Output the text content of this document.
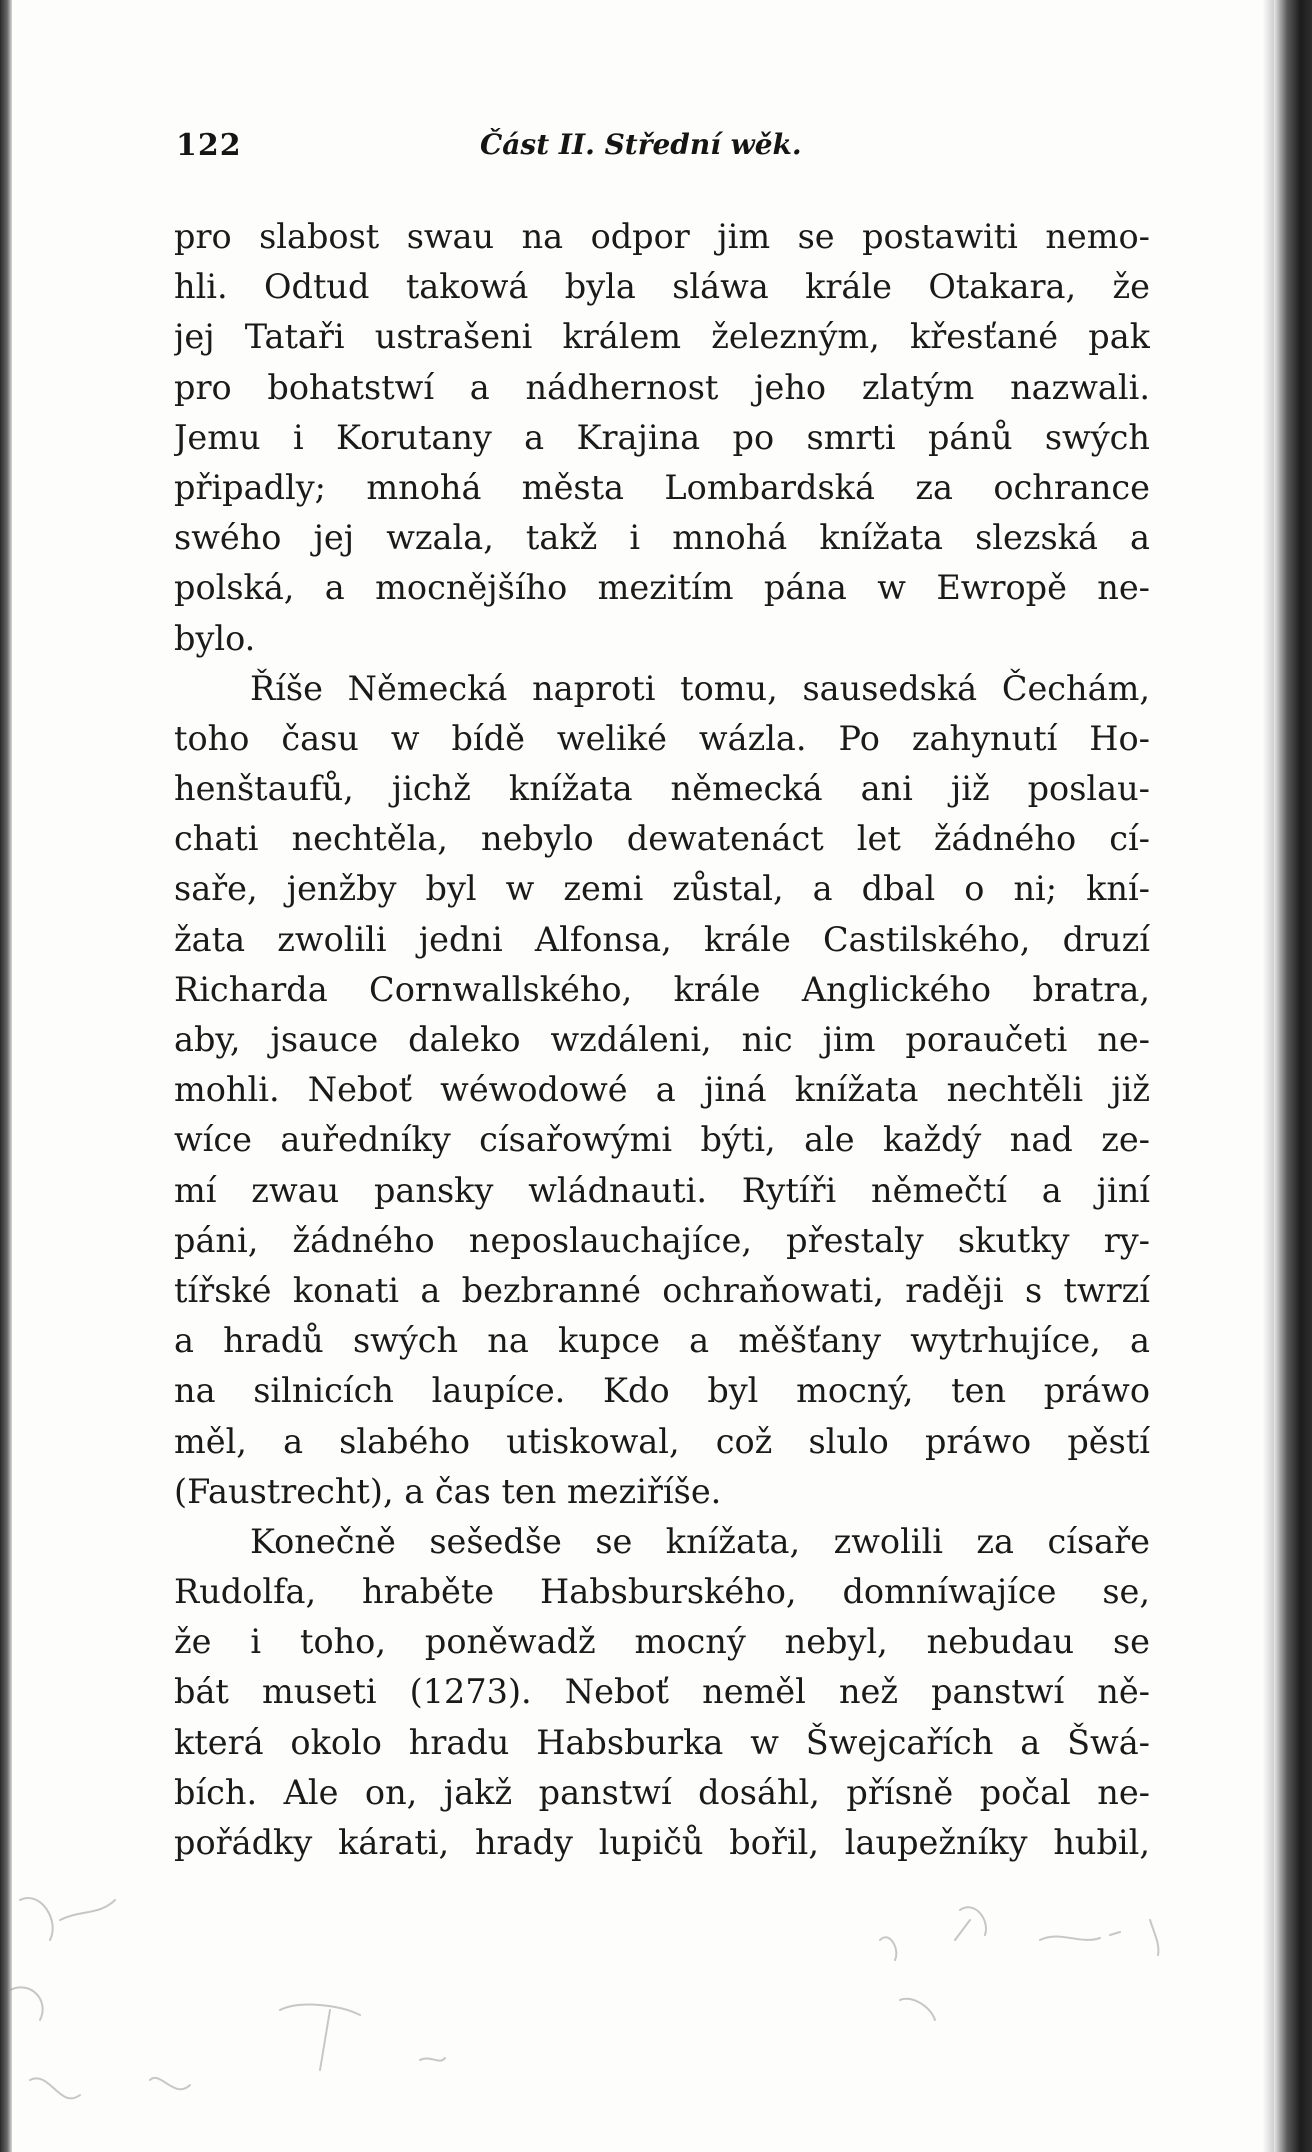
122	Část II. Střední wěk.
pro slabost swau na odpor jim se postawiti nemo-
hli. Odtud takowá byla sláwa krále Otakara, že
jej Tataři ustrašeni králem železným, křesťané pak
pro bohatstwí a nádhernost jeho zlatým nazwali.
Jemu i Korutany a Krajina po smrti pánů swých
připadly; mnohá města Lombardská za ochrance
swého jej wzala, takž i mnohá knížata slezská a
polská, a mocnějšího mezitím pána w Ewropě ne-
bylo.
Říše Německá naproti tomu, sausedská Čechám,
toho času w bídě weliké wázla. Po zahynutí Ho-
henštaufů, jichž knížata německá ani již poslau-
chati nechtěla, nebylo dewatenáct let žádného cí-
saře, jenžby byl w zemi zůstal, a dbal o ni; kní-
žata zwolili jedni Alfonsa, krále Castilského, druzí
Richarda Cornwallského, krále Anglického bratra,
aby, jsauce daleko wzdáleni, nic jim poraučeti ne-
mohli. Neboť wéwodowé a jiná knížata nechtěli již
wíce auředníky císařowými býti, ale každý nad ze-
mí zwau pansky wládnauti. Rytíři němečtí a jiní
páni, žádného neposlauchajíce, přestaly skutky ry-
tířské konati a bezbranné ochraňowati, raději s twrzí
a hradů swých na kupce a měšťany wytrhujíce, a
na silnicích laupíce. Kdo byl mocný, ten práwo
měl, a slabého utiskowal, což slulo práwo pěstí
(Faustrecht), a čas ten meziříše.
Konečně sešedše se knížata, zwolili za císaře
Rudolfa, hraběte Habsburského, domníwajíce se,
že i toho, poněwadž mocný nebyl, nebudau se
bát museti (1273). Neboť neměl než panstwí ně-
která okolo hradu Habsburka w Šwejcařích a Šwá-
bích. Ale on, jakž panstwí dosáhl, přísně počal ne-
pořádky kárati, hrady lupičů bořil, laupežníky hubil,
